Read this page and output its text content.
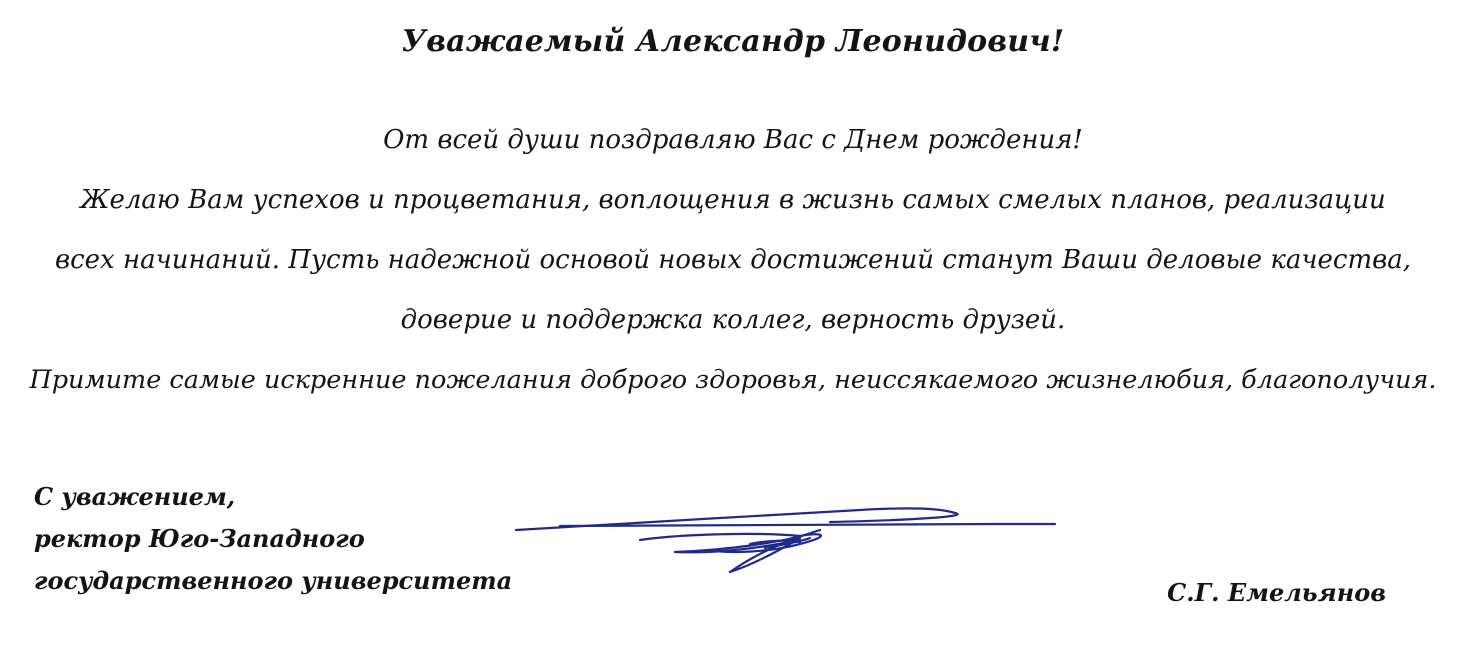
Уважаемый Александр Леонидович!
От всей души поздравляю Вас с Днем рождения!
Желаю Вам успехов и процветания, воплощения в жизнь самых смелых планов, реализации
всех начинаний. Пусть надежной основой новых достижений станут Ваши деловые качества,
доверие и поддержка коллег, верность друзей.
Примите самые искренние пожелания доброго здоровья, неиссякаемого жизнелюбия, благополучия.
С уважением,
ректор Юго-Западного
государственного университета	С.Г. Емельянов
